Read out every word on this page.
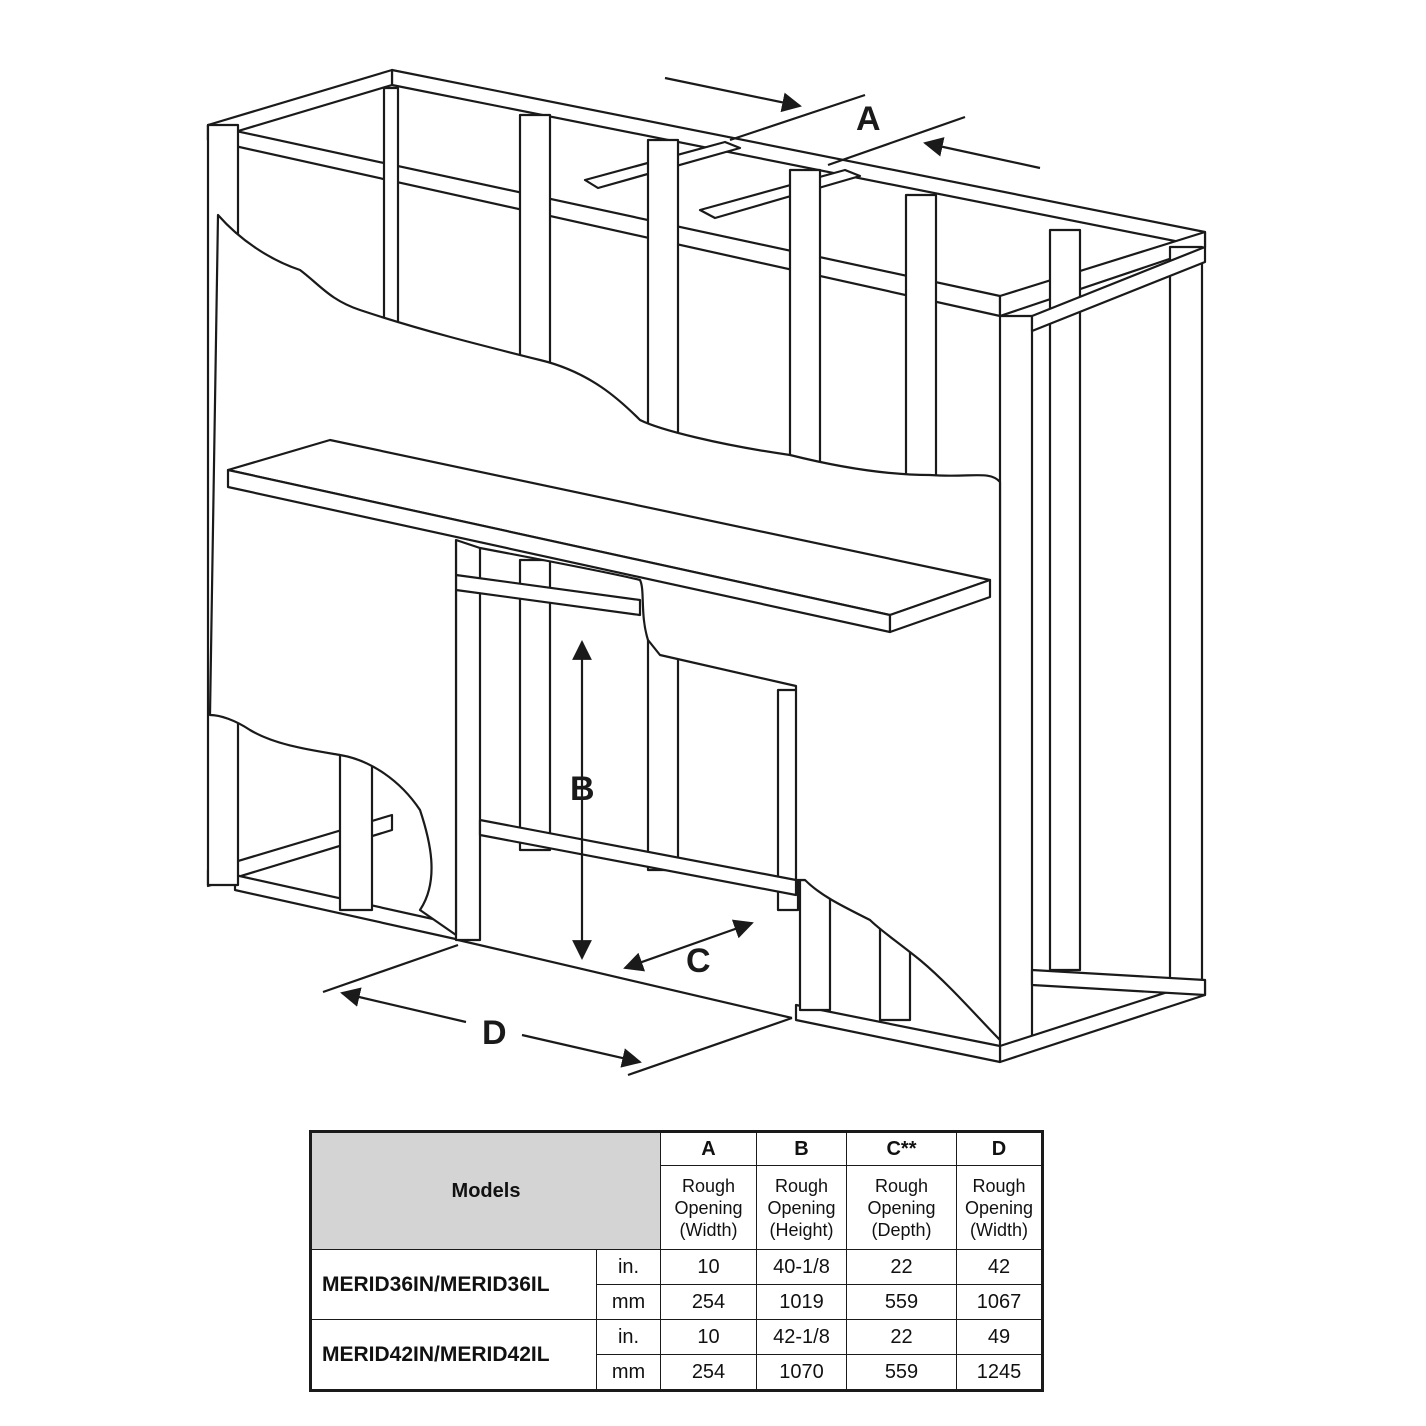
A
B
C
D
Models		A	B	C**	D
		Rough
Opening
(Width)	Rough
Opening
(Height)	Rough
Opening
(Depth)	Rough
Opening
(Width)
MERID36IN/MERID36IL	in.	10	40-1/8	22	42
	mm	254	1019	559	1067
MERID42IN/MERID42IL	in.	10	42-1/8	22	49
	mm	254	1070	559	1245
